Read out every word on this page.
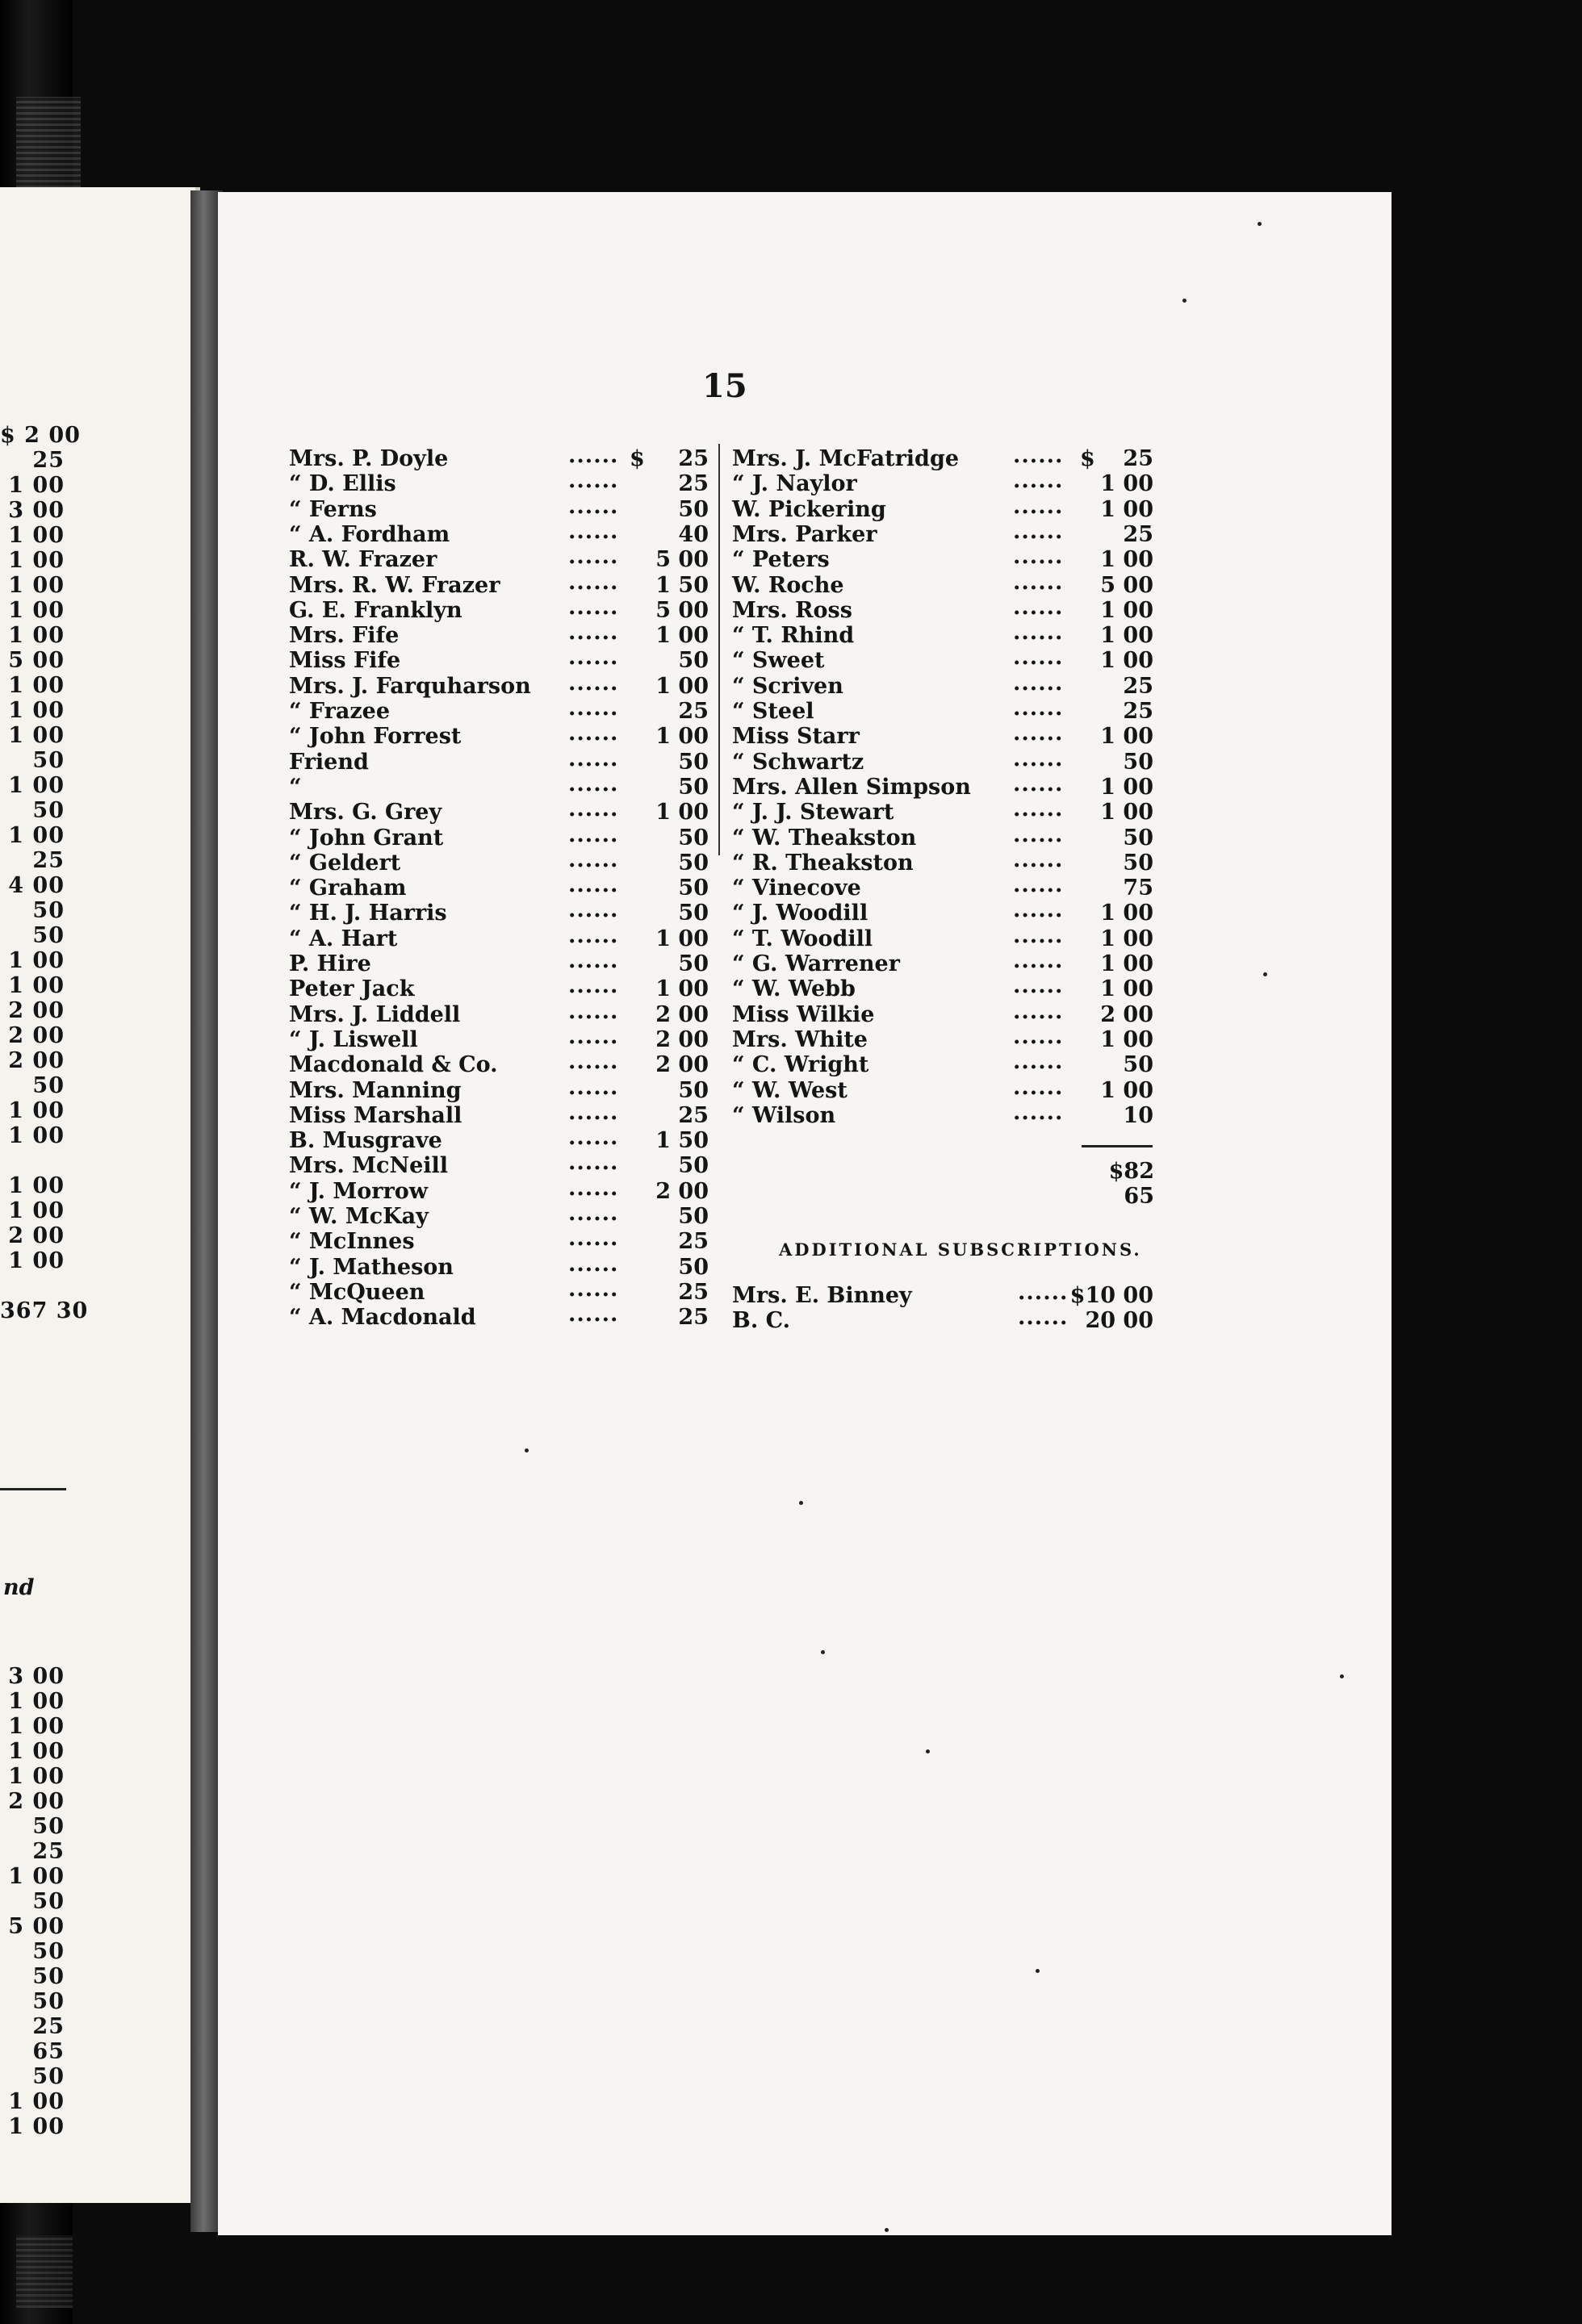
$ 2 00
25
1 00
3 00
1 00
1 00
1 00
1 00
1 00
5 00
1 00
1 00
1 00
50
1 00
50
1 00
25
4 00
50
50
1 00
1 00
2 00
2 00
2 00
50
1 00
1 00
1 00
1 00
2 00
1 00
367 30
nd
3 00
1 00
1 00
1 00
1 00
2 00
50
25
1 00
50
5 00
50
50
50
25
65
50
1 00
1 00
15
Mrs. P. Doyle	......	25
“ D. Ellis	......	25
“ Ferns	......	50
“ A. Fordham	......	40
R. W. Frazer	...... 5 00
Mrs. R. W. Frazer	...... 1 50
G. E. Franklyn	...... 5 00
Mrs. Fife	...... 1 00
Miss Fife	......	50
Mrs. J. Farquharson ...... 1 00
“ Frazee	......	25
“ John Forrest	...... 1 00
Friend	......	50
“	......	50
Mrs. G. Grey	...... 1 00
“ John Grant	......	50
“ Geldert	......	50
“ Graham	......	50
“ H. J. Harris	......	50
“ A. Hart	...... 1 00
P. Hire	......	50
Peter Jack	...... 1 00
Mrs. J. Liddell	...... 2 00
“ J. Liswell	...... 2 00
Macdonald & Co.	...... 2 00
Mrs. Manning	......	50
Miss Marshall	......	25
B. Musgrave	...... 1 50
Mrs. McNeill	......	50
“ J. Morrow	...... 2 00
“ W. McKay	......	50
“ McInnes	......	25
“ J. Matheson	......	50
“ McQueen	......	25
“ A. Macdonald	......	25
Mrs. J. McFatridge ......	25
“ J. Naylor	...... 1 00
W. Pickering	...... 1 00
Mrs. Parker	......	25
“ Peters	...... 1 00
W. Roche	...... 5 00
Mrs. Ross	...... 1 00
“ T. Rhind	...... 1 00
“ Sweet	...... 1 00
“ Scriven	......	25
“ Steel	......	25
Miss Starr	...... 1 00
“ Schwartz	......	50
Mrs. Allen Simpson ...... 1 00
“ J. J. Stewart	...... 1 00
“ W. Theakston	......	50
“ R. Theakston	......	50
“ Vinecove	......	75
“ J. Woodill	...... 1 00
“ T. Woodill	...... 1 00
“ G. Warrener	...... 1 00
“ W. Webb	...... 1 00
Miss Wilkie	...... 2 00
Mrs. White	...... 1 00
“ C. Wright	......	50
“ W. West	...... 1 00
“ Wilson	......	10
$	$
$82 65
ADDITIONAL SUBSCRIPTIONS.
Mrs. E. Binney	...... $10 00
B. C.	...... 20 00
